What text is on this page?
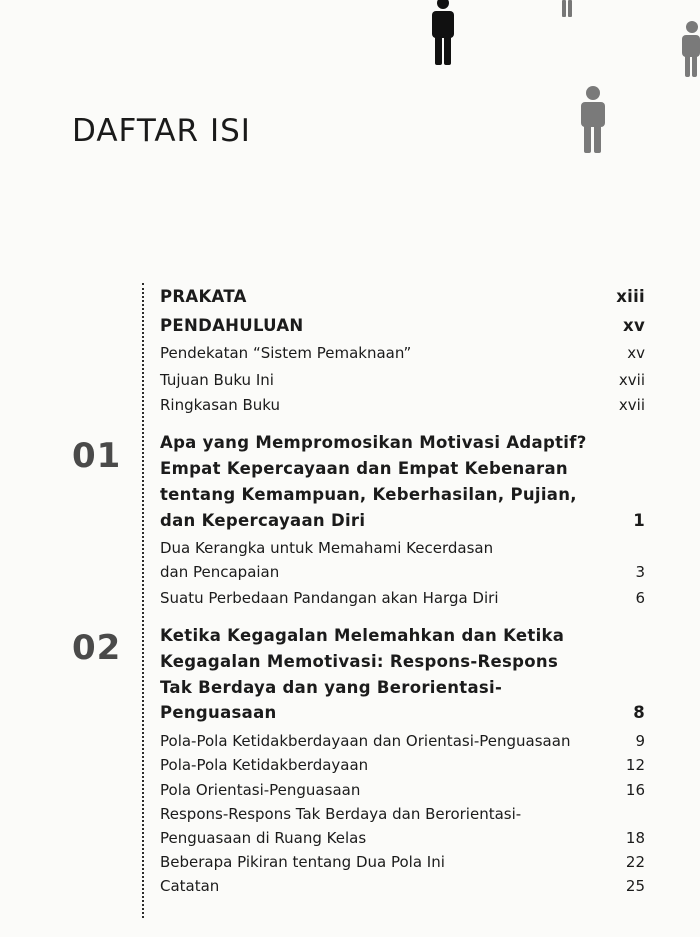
DAFTAR ISI
PRAKATA	xiii
PENDAHULUAN	xv
Pendekatan “Sistem Pemaknaan”	xv
Tujuan Buku Ini	xvii
Ringkasan Buku	xvii
01 Apa yang Mempromosikan Motivasi Adaptif?
Empat Kepercayaan dan Empat Kebenaran
tentang Kemampuan, Keberhasilan, Pujian,
dan Kepercayaan Diri	1
Dua Kerangka untuk Memahami Kecerdasan
dan Pencapaian	3
Suatu Perbedaan Pandangan akan Harga Diri	6
02 Ketika Kegagalan Melemahkan dan Ketika
Kegagalan Memotivasi: Respons-Respons
Tak Berdaya dan yang Berorientasi-
Penguasaan	8
Pola-Pola Ketidakberdayaan dan Orientasi-Penguasaan	9
Pola-Pola Ketidakberdayaan	12
Pola Orientasi-Penguasaan	16
Respons-Respons Tak Berdaya dan Berorientasi-
Penguasaan di Ruang Kelas	18
Beberapa Pikiran tentang Dua Pola Ini	22
Catatan	25
